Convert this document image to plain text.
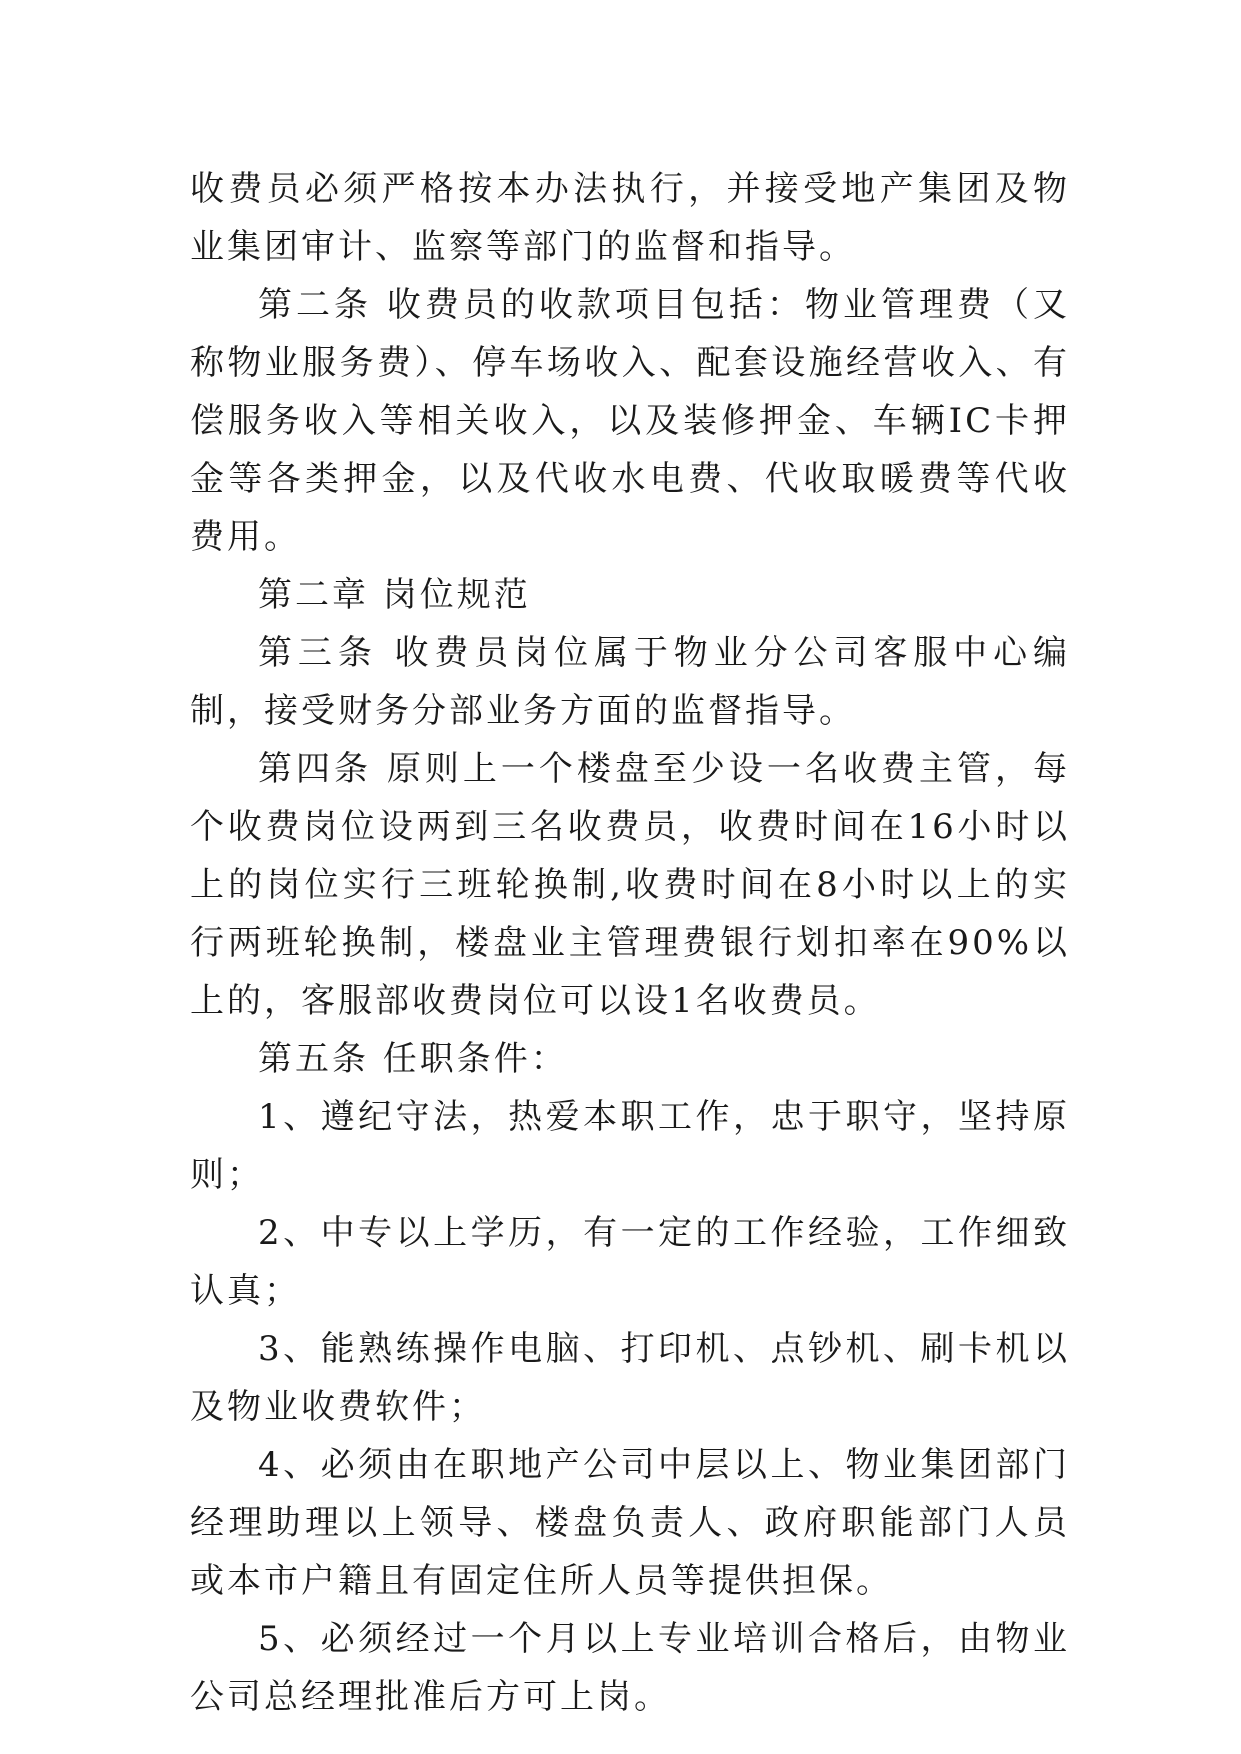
收费员必须严格按本办法执行，并接受地产集团及物业集团审计、监察等部门的监督和指导。

第二条 收费员的收款项目包括：物业管理费（又称物业服务费）、停车场收入、配套设施经营收入、有偿服务收入等相关收入，以及装修押金、车辆IC卡押金等各类押金，以及代收水电费、代收取暖费等代收费用。

第二章 岗位规范

第三条 收费员岗位属于物业分公司客服中心编制，接受财务分部业务方面的监督指导。

第四条 原则上一个楼盘至少设一名收费主管，每个收费岗位设两到三名收费员，收费时间在16小时以上的岗位实行三班轮换制,收费时间在8小时以上的实行两班轮换制，楼盘业主管理费银行划扣率在90%以上的，客服部收费岗位可以设1名收费员。

第五条 任职条件：

1、遵纪守法，热爱本职工作，忠于职守，坚持原则；

2、中专以上学历，有一定的工作经验，工作细致认真；

3、能熟练操作电脑、打印机、点钞机、刷卡机以及物业收费软件；

4、必须由在职地产公司中层以上、物业集团部门经理助理以上领导、楼盘负责人、政府职能部门人员或本市户籍且有固定住所人员等提供担保。

5、必须经过一个月以上专业培训合格后，由物业公司总经理批准后方可上岗。
